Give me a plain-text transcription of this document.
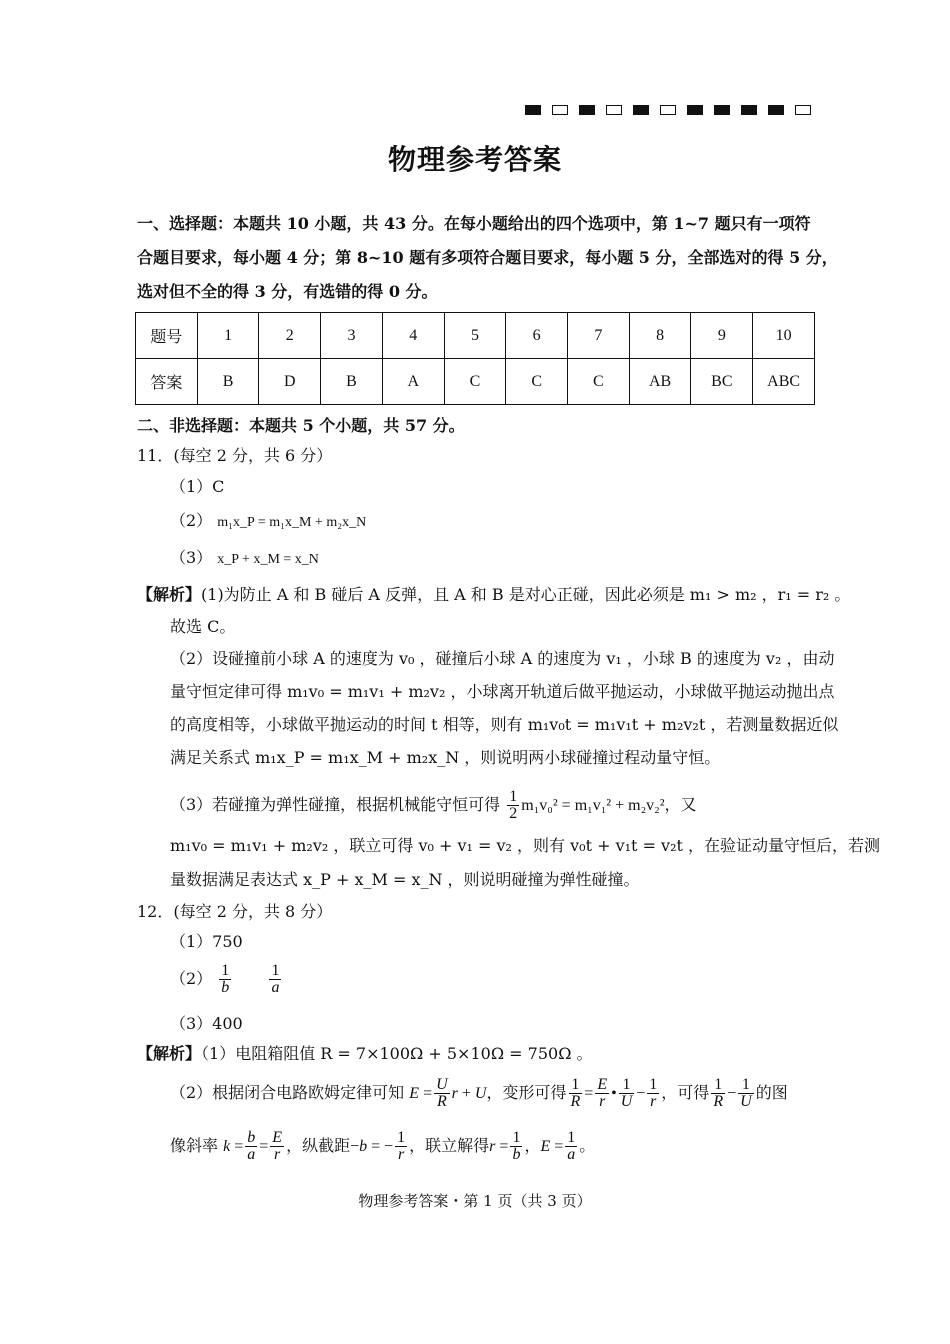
物理参考答案
一、选择题：本题共 10 小题，共 43 分。在每小题给出的四个选项中，第 1~7 题只有一项符
合题目要求，每小题 4 分；第 8~10 题有多项符合题目要求，每小题 5 分，全部选对的得 5 分，
选对但不全的得 3 分，有选错的得 0 分。
题号	1	2	3	4	5	6	7	8	9	10
答案	B	D	B	A	C	C	C	AB	BC	ABC
二、非选择题：本题共 5 个小题，共 57 分。
11．(每空 2 分，共 6 分）
（1）C
（2） m₁x_P = m₁x_M + m₂x_N
（3） x_P + x_M = x_N
【解析】(1)为防止 A 和 B 碰后 A 反弹，且 A 和 B 是对心正碰，因此必须是 m₁ > m₂ ，r₁ = r₂ 。
故选 C。
（2）设碰撞前小球 A 的速度为 v₀ ，碰撞后小球 A 的速度为 v₁ ，小球 B 的速度为 v₂ ，由动
量守恒定律可得 m₁v₀ = m₁v₁ + m₂v₂ ，小球离开轨道后做平抛运动，小球做平抛运动抛出点
的高度相等，小球做平抛运动的时间 t 相等，则有 m₁v₀t = m₁v₁t + m₂v₂t ，若测量数据近似
满足关系式 m₁x_P = m₁x_M + m₂x_N ，则说明两小球碰撞过程动量守恒。
（3）若碰撞为弹性碰撞，根据机械能守恒可得 $\frac{1}{2} m_1v_0^2 = m_1v_1^2 + m_2v_2^2$，又
m₁v₀ = m₁v₁ + m₂v₂ ，联立可得 v₀ + v₁ = v₂ ，则有 v₀t + v₁t = v₂t ，在验证动量守恒后，若测
量数据满足表达式 x_P + x_M = x_N ，则说明碰撞为弹性碰撞。
12．(每空 2 分，共 8 分）
（1）750
$(2) \frac{1}{b}$
$\frac{1}{a}$
（3）400
【解析】（1）电阻箱阻值 R = 7×100Ω + 5×10Ω = 750Ω 。
（2）根据闭合电路欧姆定律可知 $E = \frac{U}{R}$ r + U，变形可得 $\frac{1}{R} = \frac{E}{r}$ • $\frac{1}{U} - \frac{1}{r}$ ，可得 $\frac{1}{R} - \frac{1}{U}$ 的图
像斜率 $k = \frac{b}{a} = \frac{E}{r}$ ，纵截距−b = − $\frac{1}{r}$ ，联立解得$r = \frac{1}{b}$ ，$E = \frac{1}{a}$ 。
物理参考答案・第 1 页（共 3 页）
